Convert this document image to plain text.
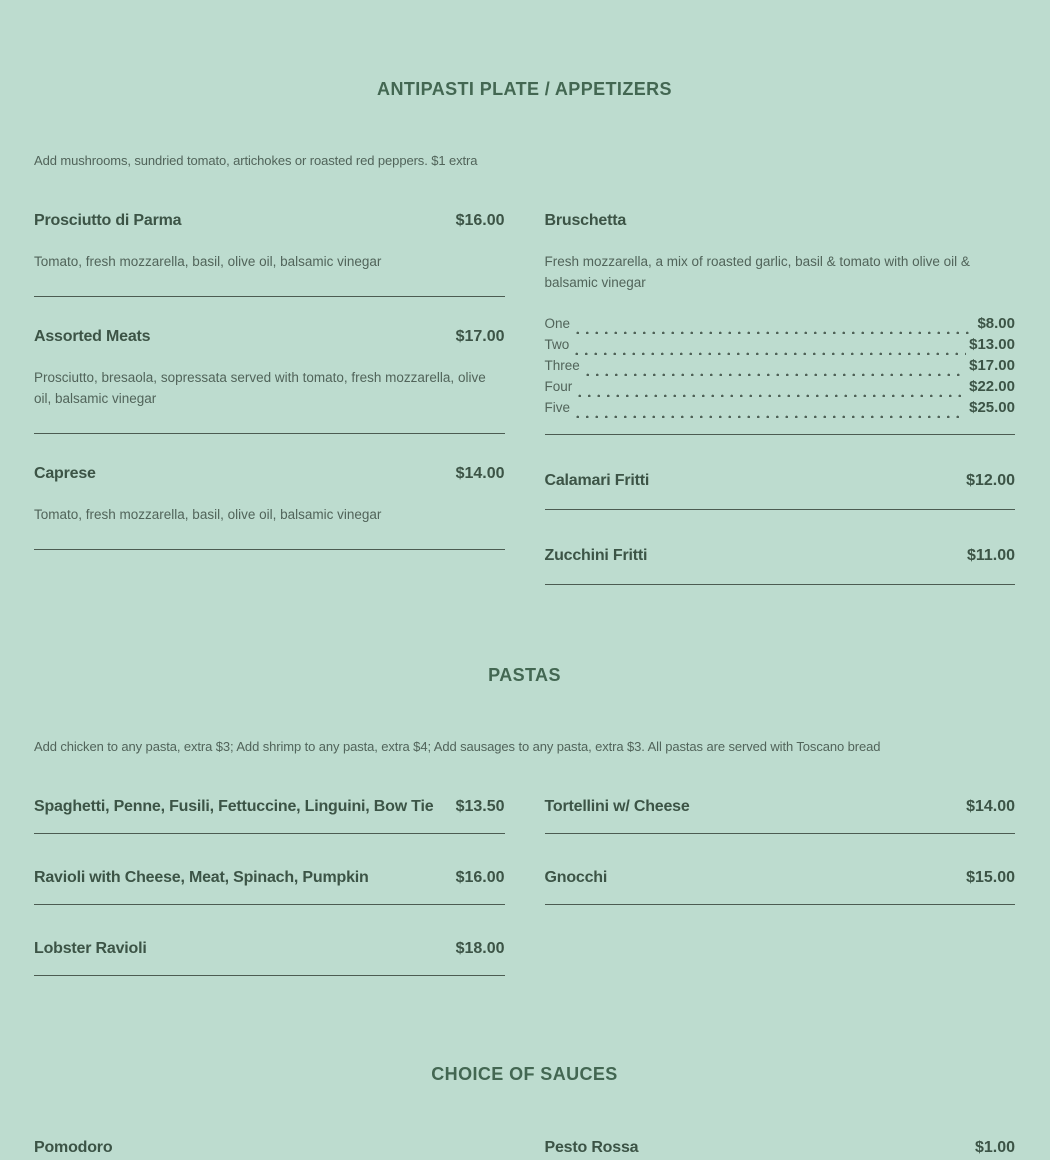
ANTIPASTI PLATE / APPETIZERS

Add mushrooms, sundried tomato, artichokes or roasted red peppers. $1 extra

Prosciutto di Parma	$16.00

Tomato, fresh mozzarella, basil, olive oil, balsamic vinegar

Assorted Meats	$17.00

Prosciutto, bresaola, sopressata served with tomato, fresh mozzarella, olive oil, balsamic vinegar

Caprese	$14.00

Tomato, fresh mozzarella, basil, olive oil, balsamic vinegar

Bruschetta

Fresh mozzarella, a mix of roasted garlic, basil & tomato with olive oil & balsamic vinegar

One	$8.00
Two	$13.00
Three	$17.00
Four	$22.00
Five	$25.00
Calamari Fritti	$12.00
Zucchini Fritti	$11.00
PASTAS

Add chicken to any pasta, extra $3; Add shrimp to any pasta, extra $4; Add sausages to any pasta, extra $3. All pastas are served with Toscano bread

Spaghetti, Penne, Fusili, Fettuccine, Linguini, Bow Tie $13.50
Ravioli with Cheese, Meat, Spinach, Pumpkin	$16.00
Lobster Ravioli	$18.00
Tortellini w/ Cheese	$14.00
Gnocchi	$15.00
CHOICE OF SAUCES
Pomodoro	Pesto Rossa	$1.00
